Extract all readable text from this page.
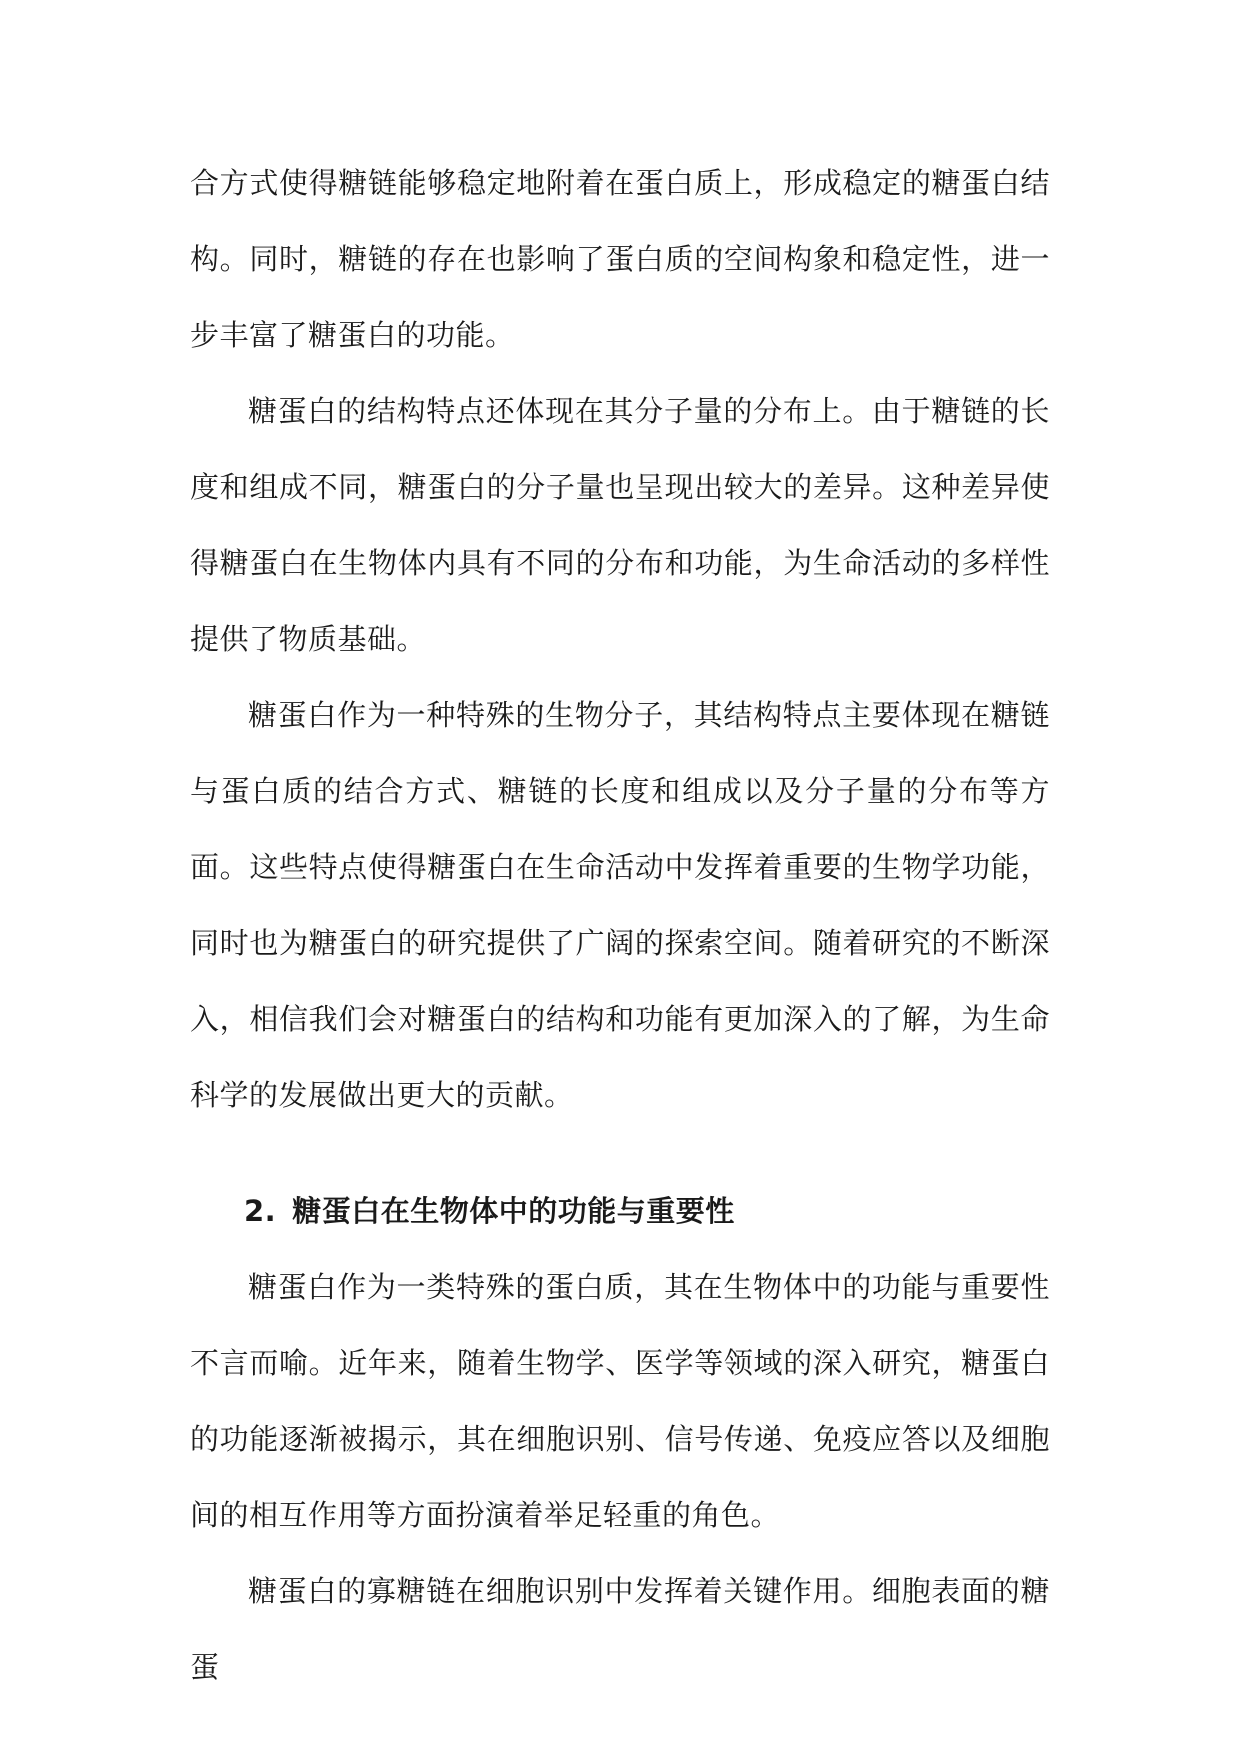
合方式使得糖链能够稳定地附着在蛋白质上，形成稳定的糖蛋白结构。同时，糖链的存在也影响了蛋白质的空间构象和稳定性，进一步丰富了糖蛋白的功能。

糖蛋白的结构特点还体现在其分子量的分布上。由于糖链的长度和组成不同，糖蛋白的分子量也呈现出较大的差异。这种差异使得糖蛋白在生物体内具有不同的分布和功能，为生命活动的多样性提供了物质基础。

糖蛋白作为一种特殊的生物分子，其结构特点主要体现在糖链与蛋白质的结合方式、糖链的长度和组成以及分子量的分布等方面。这些特点使得糖蛋白在生命活动中发挥着重要的生物学功能，同时也为糖蛋白的研究提供了广阔的探索空间。随着研究的不断深入，相信我们会对糖蛋白的结构和功能有更加深入的了解，为生命科学的发展做出更大的贡献。

2. 糖蛋白在生物体中的功能与重要性

糖蛋白作为一类特殊的蛋白质，其在生物体中的功能与重要性不言而喻。近年来，随着生物学、医学等领域的深入研究，糖蛋白的功能逐渐被揭示，其在细胞识别、信号传递、免疫应答以及细胞间的相互作用等方面扮演着举足轻重的角色。

糖蛋白的寡糖链在细胞识别中发挥着关键作用。细胞表面的糖蛋
